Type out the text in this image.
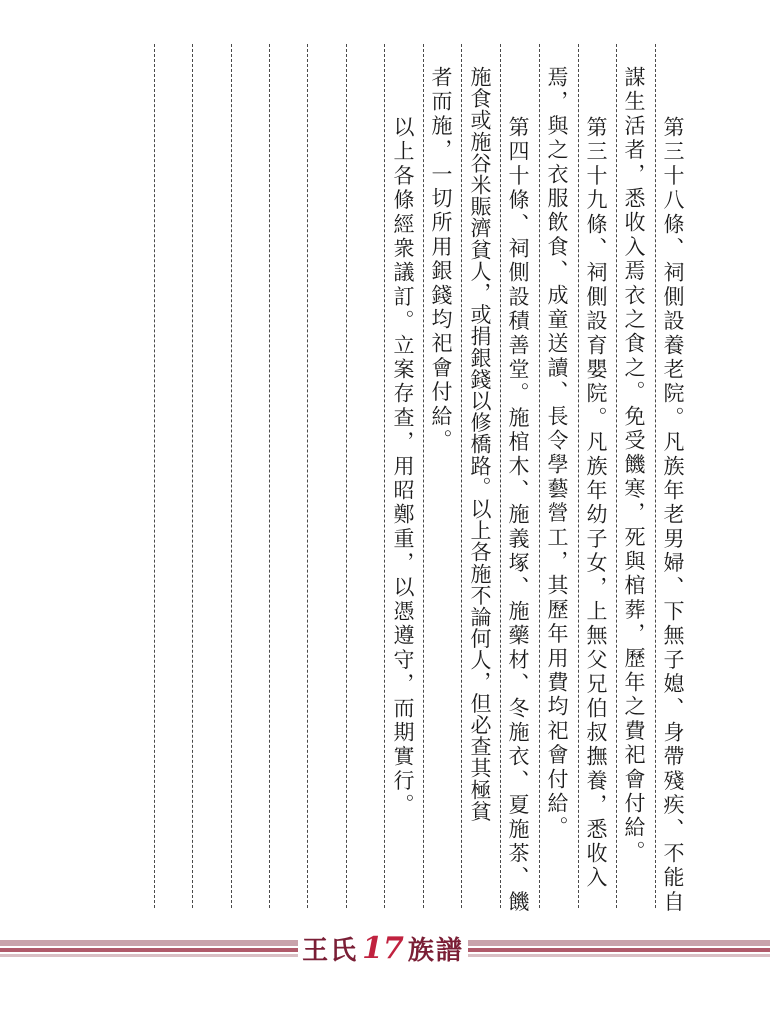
第三十八條、祠側設養老院。凡族年老男婦、下無子媳、身帶殘疾、不能自
謀生活者，悉收入焉衣之食之。免受饑寒，死與棺葬，歷年之費祀會付給。
第三十九條、祠側設育嬰院。凡族年幼子女，上無父兄伯叔撫養，悉收入
焉，與之衣服飲食、成童送讀、長令學藝營工，其歷年用費均祀會付給。
第四十條、祠側設積善堂。施棺木、施義塚、施藥材、冬施衣、夏施茶、饑
施食或施谷米賑濟貧人，或捐銀錢以修橋路。以上各施不論何人，但必查其極貧
者而施，一切所用銀錢均祀會付給。
以上各條經衆議訂。立案存查，用昭鄭重，以憑遵守，而期實行。
王氏 17 族譜
